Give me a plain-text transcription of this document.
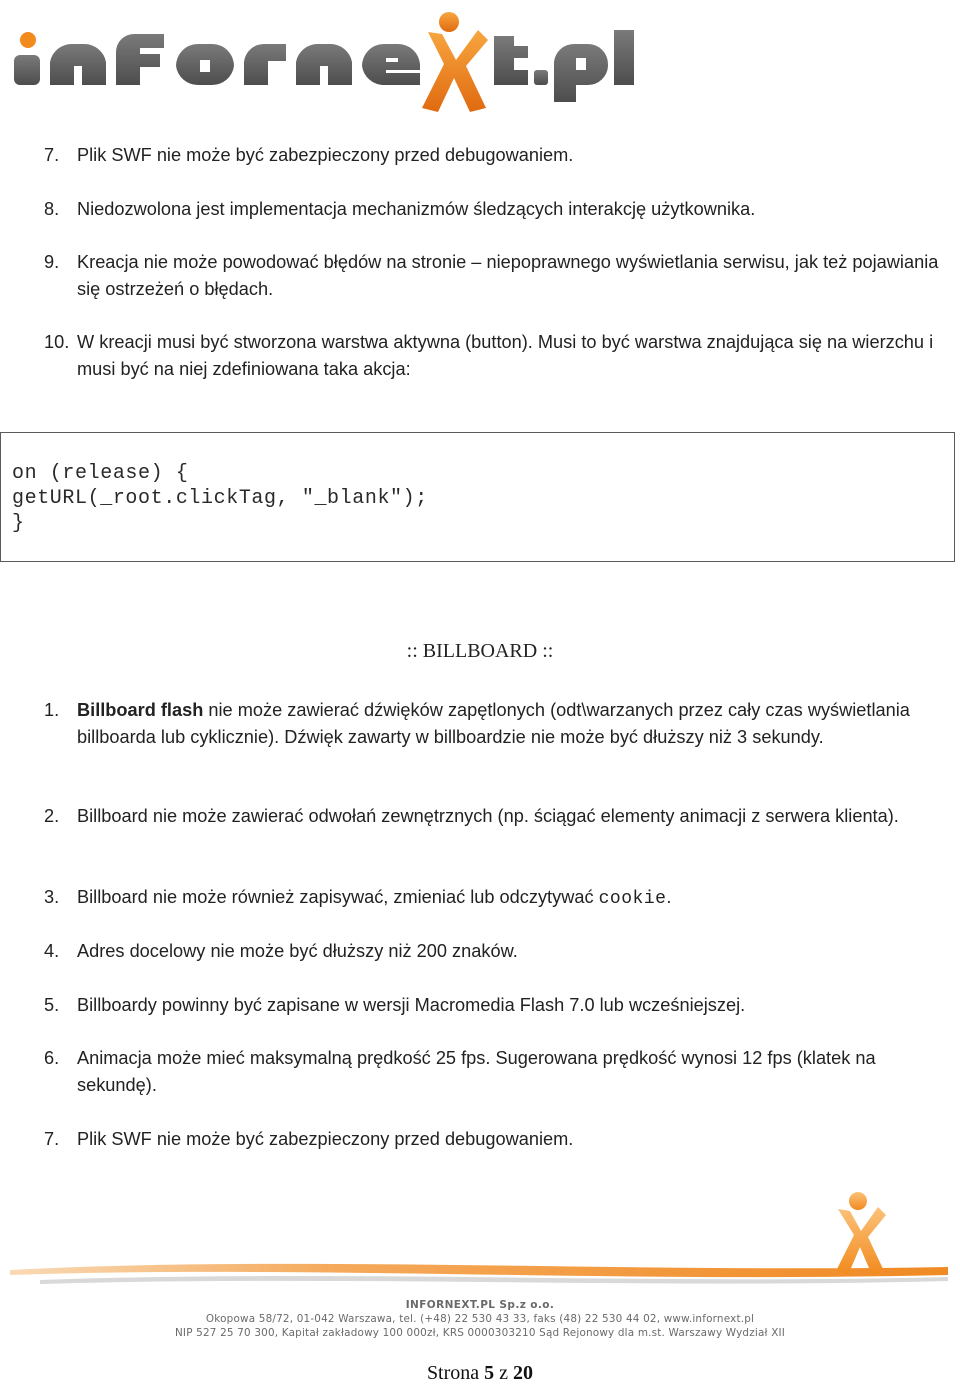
7. Plik SWF nie może być zabezpieczony przed debugowaniem.
8. Niedozwolona jest implementacja mechanizmów śledzących interakcję użytkownika.
9. Kreacja nie może powodować błędów na stronie – niepoprawnego wyświetlania serwisu, jak też pojawiania się ostrzeżeń o błędach.
10. W kreacji musi być stworzona warstwa aktywna (button). Musi to być warstwa znajdująca się na wierzchu i musi być na niej zdefiniowana taka akcja:
on (release) {
getURL(_root.clickTag, "_blank");
}
:: BILLBOARD ::
1. Billboard flash nie może zawierać dźwięków zapętlonych (odt\warzanych przez cały czas wyświetlania billboarda lub cyklicznie). Dźwięk zawarty w billboardzie nie może być dłuższy niż 3 sekundy.
2. Billboard nie może zawierać odwołań zewnętrznych (np. ściągać elementy animacji z serwera klienta).
3. Billboard nie może również zapisywać, zmieniać lub odczytywać cookie.
4. Adres docelowy nie może być dłuższy niż 200 znaków.
5. Billboardy powinny być zapisane w wersji Macromedia Flash 7.0 lub wcześniejszej.
6. Animacja może mieć maksymalną prędkość 25 fps. Sugerowana prędkość wynosi 12 fps (klatek na sekundę).
7. Plik SWF nie może być zabezpieczony przed debugowaniem.
INFORNEXT.PL Sp.z o.o.
Okopowa 58/72, 01-042 Warszawa, tel. (+48) 22 530 43 33, faks (48) 22 530 44 02, www.infornext.pl
NIP 527 25 70 300, Kapitał zakładowy 100 000zł, KRS 0000303210 Sąd Rejonowy dla m.st. Warszawy Wydział XII
Strona 5 z 20
